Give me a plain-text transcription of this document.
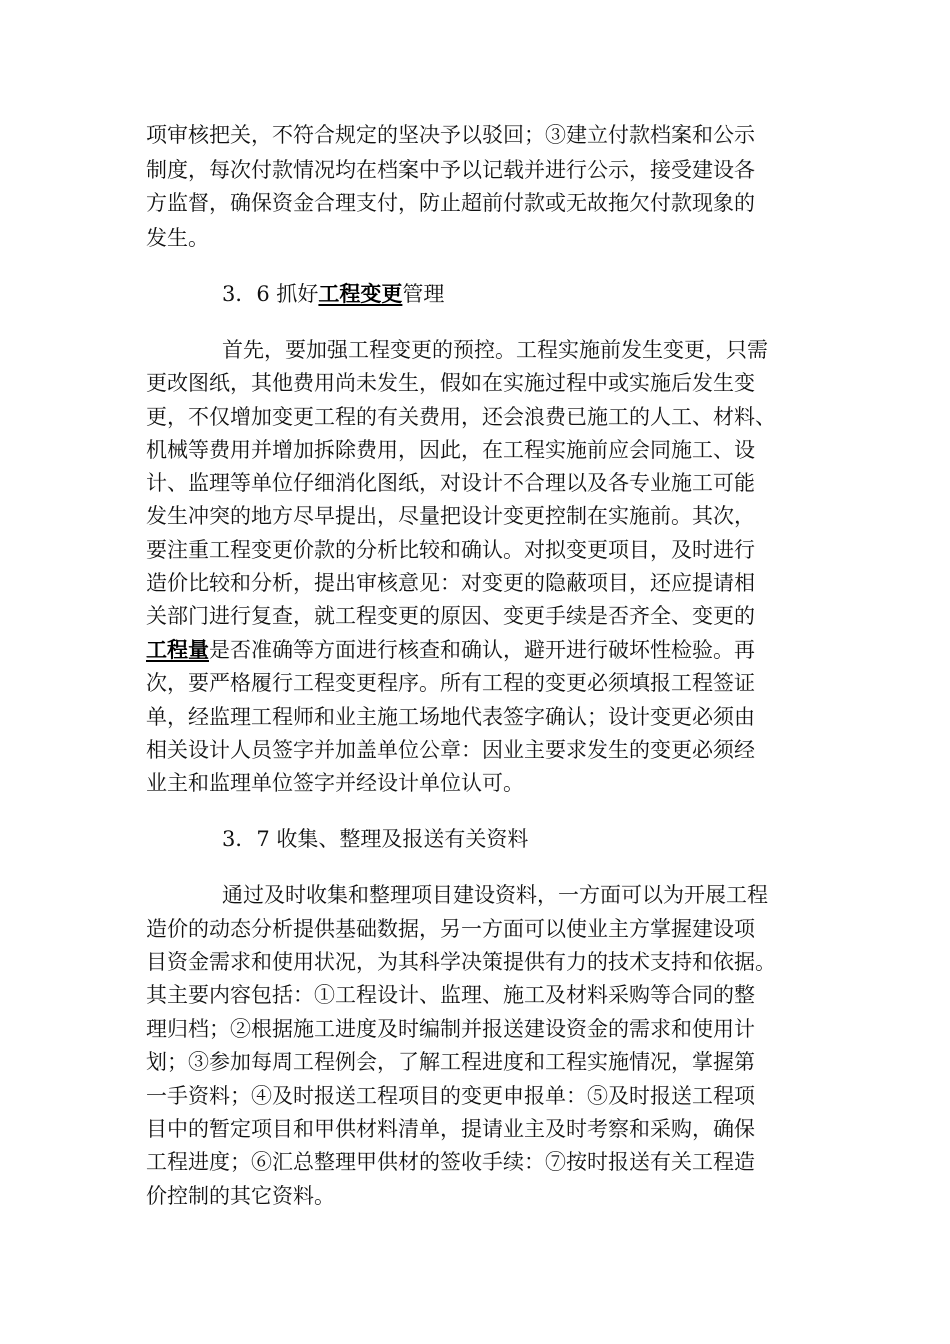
项审核把关，不符合规定的坚决予以驳回；③建立付款档案和公示
制度，每次付款情况均在档案中予以记载并进行公示，接受建设各
方监督，确保资金合理支付，防止超前付款或无故拖欠付款现象的
发生。
3．6 抓好工程变更管理
首先，要加强工程变更的预控。工程实施前发生变更，只需
更改图纸，其他费用尚未发生，假如在实施过程中或实施后发生变
更，不仅增加变更工程的有关费用，还会浪费已施工的人工、材料、
机械等费用并增加拆除费用，因此，在工程实施前应会同施工、设
计、监理等单位仔细消化图纸，对设计不合理以及各专业施工可能
发生冲突的地方尽早提出，尽量把设计变更控制在实施前。其次，
要注重工程变更价款的分析比较和确认。对拟变更项目，及时进行
造价比较和分析，提出审核意见：对变更的隐蔽项目，还应提请相
关部门进行复查，就工程变更的原因、变更手续是否齐全、变更的
工程量是否准确等方面进行核查和确认，避开进行破坏性检验。再
次，要严格履行工程变更程序。所有工程的变更必须填报工程签证
单，经监理工程师和业主施工场地代表签字确认；设计变更必须由
相关设计人员签字并加盖单位公章：因业主要求发生的变更必须经
业主和监理单位签字并经设计单位认可。
3．7 收集、整理及报送有关资料
通过及时收集和整理项目建设资料，一方面可以为开展工程
造价的动态分析提供基础数据，另一方面可以使业主方掌握建设项
目资金需求和使用状况，为其科学决策提供有力的技术支持和依据。
其主要内容包括：①工程设计、监理、施工及材料采购等合同的整
理归档；②根据施工进度及时编制并报送建设资金的需求和使用计
划；③参加每周工程例会，了解工程进度和工程实施情况，掌握第
一手资料；④及时报送工程项目的变更申报单：⑤及时报送工程项
目中的暂定项目和甲供材料清单，提请业主及时考察和采购，确保
工程进度；⑥汇总整理甲供材的签收手续：⑦按时报送有关工程造
价控制的其它资料。
